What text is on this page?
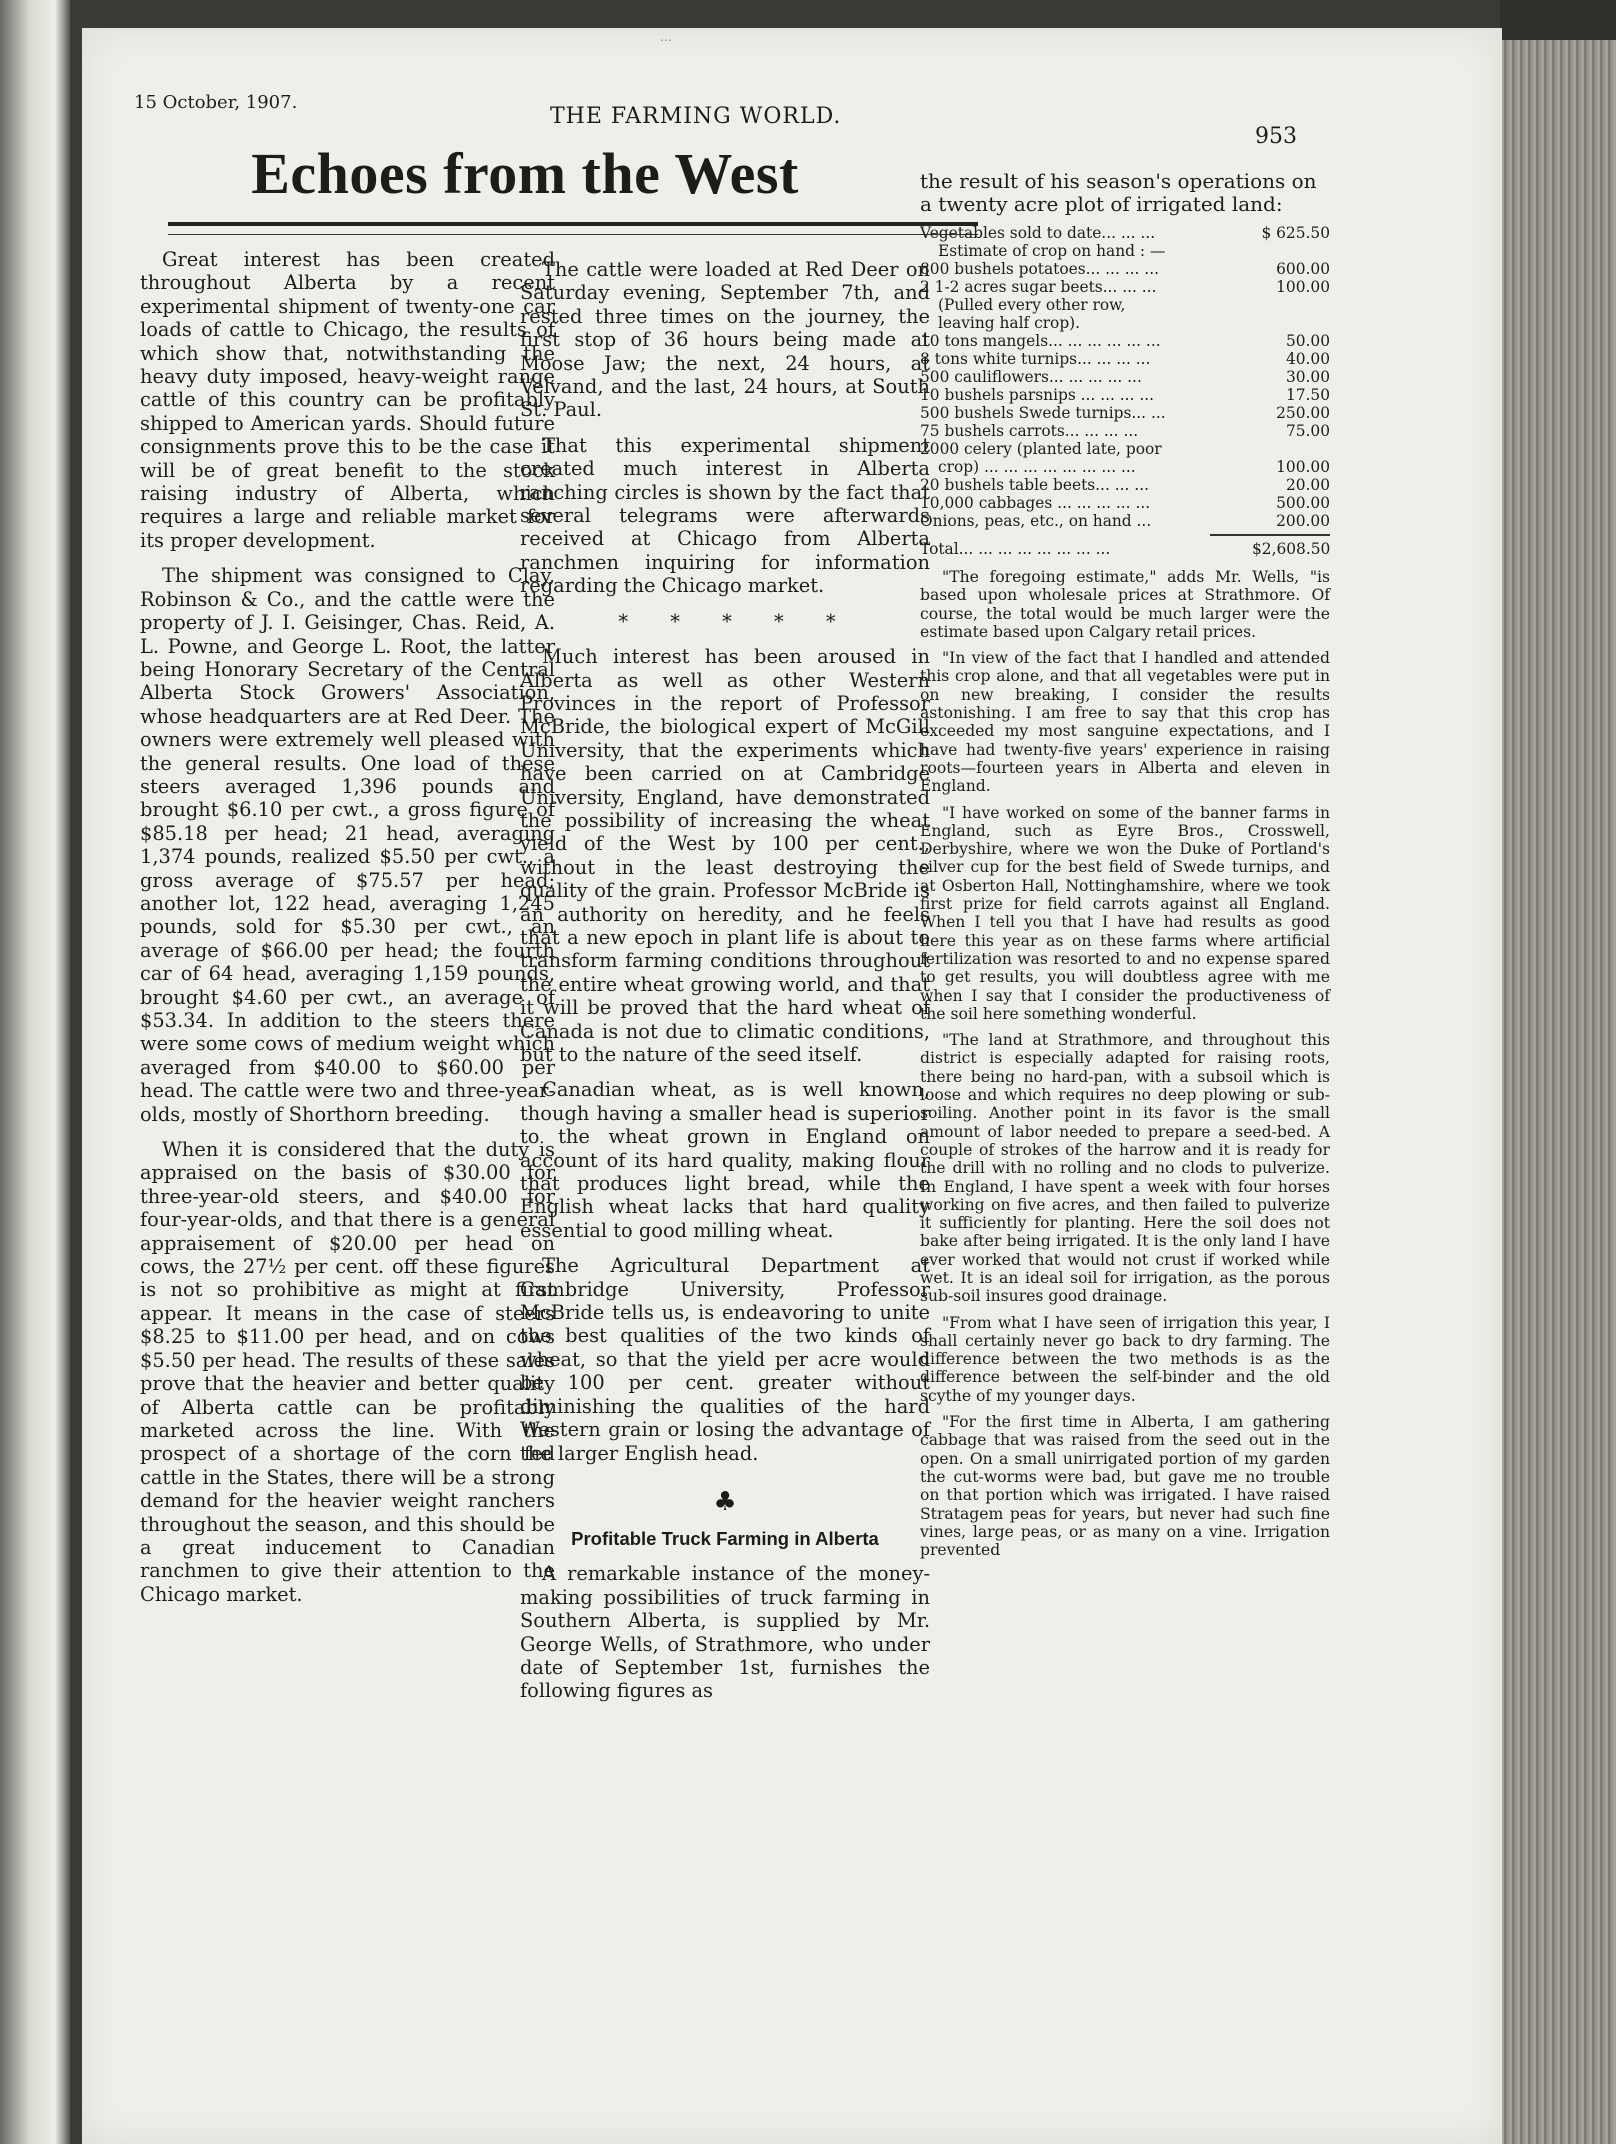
...
15 October, 1907.
THE FARMING WORLD.
953
Echoes from the West

Great interest has been created throughout Alberta by a recent experimental shipment of twenty-one car loads of cattle to Chicago, the results of which show that, notwithstanding the heavy duty imposed, heavy-weight range cattle of this country can be profitably shipped to American yards. Should future consignments prove this to be the case it will be of great benefit to the stock raising industry of Alberta, which requires a large and reliable market for its proper development.

The shipment was consigned to Clay, Robinson & Co., and the cattle were the property of J. I. Geisinger, Chas. Reid, A. L. Powne, and George L. Root, the latter being Honorary Secretary of the Central Alberta Stock Growers' Association, whose headquarters are at Red Deer. The owners were extremely well pleased with the general results. One load of these steers averaged 1,396 pounds and brought $6.10 per cwt., a gross figure of $85.18 per head; 21 head, averaging 1,374 pounds, realized $5.50 per cwt., a gross average of $75.57 per head; another lot, 122 head, averaging 1,245 pounds, sold for $5.30 per cwt., an average of $66.00 per head; the fourth car of 64 head, averaging 1,159 pounds, brought $4.60 per cwt., an average of $53.34. In addition to the steers there were some cows of medium weight which averaged from $40.00 to $60.00 per head. The cattle were two and three-year-olds, mostly of Shorthorn breeding.

When it is considered that the duty is appraised on the basis of $30.00 for three-year-old steers, and $40.00 for four-year-olds, and that there is a general appraisement of $20.00 per head on cows, the 27½ per cent. off these figures is not so prohibitive as might at first appear. It means in the case of steers $8.25 to $11.00 per head, and on cows $5.50 per head. The results of these sales prove that the heavier and better quality of Alberta cattle can be profitably marketed across the line. With the prospect of a shortage of the corn fed cattle in the States, there will be a strong demand for the heavier weight ranchers throughout the season, and this should be a great inducement to Canadian ranchmen to give their attention to the Chicago market.

The cattle were loaded at Red Deer on Saturday evening, September 7th, and rested three times on the journey, the first stop of 36 hours being made at Moose Jaw; the next, 24 hours, at Velvand, and the last, 24 hours, at South St. Paul.

That this experimental shipment created much interest in Alberta ranching circles is shown by the fact that several telegrams were afterwards received at Chicago from Alberta ranchmen inquiring for information regarding the Chicago market.

* * * * *

Much interest has been aroused in Alberta as well as other Western Provinces in the report of Professor McBride, the biological expert of McGill University, that the experiments which have been carried on at Cambridge University, England, have demonstrated the possibility of increasing the wheat yield of the West by 100 per cent., without in the least destroying the quality of the grain. Professor McBride is an authority on heredity, and he feels that a new epoch in plant life is about to transform farming conditions throughout the entire wheat growing world, and that it will be proved that the hard wheat of Canada is not due to climatic conditions, but to the nature of the seed itself.

Canadian wheat, as is well known, though having a smaller head is superior to the wheat grown in England on account of its hard quality, making flour that produces light bread, while the English wheat lacks that hard quality essential to good milling wheat.

The Agricultural Department at Cambridge University, Professor McBride tells us, is endeavoring to unite the best qualities of the two kinds of wheat, so that the yield per acre would be 100 per cent. greater without diminishing the qualities of the hard Western grain or losing the advantage of the larger English head.

♣
Profitable Truck Farming in Alberta

A remarkable instance of the money-making possibilities of truck farming in Southern Alberta, is supplied by Mr. George Wells, of Strathmore, who under date of September 1st, furnishes the following figures as

the result of his season's operations on a twenty acre plot of irrigated land:
Vegetables sold to date... ... ...	$ 625.50
Estimate of crop on hand : —
800 bushels potatoes... ... ... ...	600.00
2 1-2 acres sugar beets... ... ...	100.00
(Pulled every other row,
leaving half crop).
10 tons mangels... ... ... ... ... ...	50.00
8 tons white turnips... ... ... ...	40.00
500 cauliflowers... ... ... ... ...	30.00
10 bushels parsnips ... ... ... ...	17.50
500 bushels Swede turnips... ...	250.00
75 bushels carrots... ... ... ...	75.00
2000 celery (planted late, poor
crop) ... ... ... ... ... ... ... ...	100.00
20 bushels table beets... ... ...	20.00
10,000 cabbages ... ... ... ... ...	500.00
Onions, peas, etc., on hand ...	200.00
Total... ... ... ... ... ... ... ...	$2,608.50

"The foregoing estimate," adds Mr. Wells, "is based upon wholesale prices at Strathmore. Of course, the total would be much larger were the estimate based upon Calgary retail prices.

"In view of the fact that I handled and attended this crop alone, and that all vegetables were put in on new breaking, I consider the results astonishing. I am free to say that this crop has exceeded my most sanguine expectations, and I have had twenty-five years' experience in raising roots—fourteen years in Alberta and eleven in England.

"I have worked on some of the banner farms in England, such as Eyre Bros., Crosswell, Derbyshire, where we won the Duke of Portland's silver cup for the best field of Swede turnips, and at Osberton Hall, Nottinghamshire, where we took first prize for field carrots against all England. When I tell you that I have had results as good here this year as on these farms where artificial fertilization was resorted to and no expense spared to get results, you will doubtless agree with me when I say that I consider the productiveness of the soil here something wonderful.

"The land at Strathmore, and throughout this district is especially adapted for raising roots, there being no hard-pan, with a subsoil which is loose and which requires no deep plowing or sub-soiling. Another point in its favor is the small amount of labor needed to prepare a seed-bed. A couple of strokes of the harrow and it is ready for the drill with no rolling and no clods to pulverize. In England, I have spent a week with four horses working on five acres, and then failed to pulverize it sufficiently for planting. Here the soil does not bake after being irrigated. It is the only land I have ever worked that would not crust if worked while wet. It is an ideal soil for irrigation, as the porous sub-soil insures good drainage.

"From what I have seen of irrigation this year, I shall certainly never go back to dry farming. The difference between the two methods is as the difference between the self-binder and the old scythe of my younger days.

"For the first time in Alberta, I am gathering cabbage that was raised from the seed out in the open. On a small unirrigated portion of my garden the cut-worms were bad, but gave me no trouble on that portion which was irrigated. I have raised Stratagem peas for years, but never had such fine vines, large peas, or as many on a vine. Irrigation prevented
